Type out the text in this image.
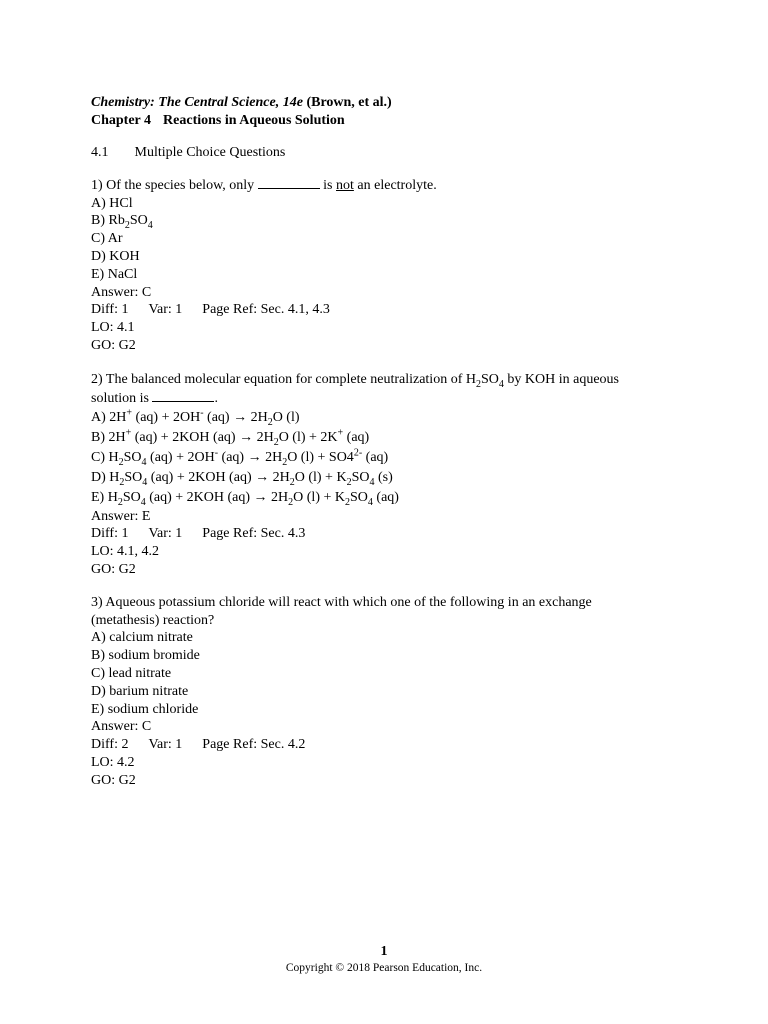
Chemistry: The Central Science, 14e (Brown, et al.)
Chapter 4 Reactions in Aqueous Solution
4.1 Multiple Choice Questions
1) Of the species below, only	is not an electrolyte.
A) HCl
B) $Rb_2SO_4$
C) Ar
D) KOH
E) NaCl
Answer: C
Diff: 1 Var: 1 Page Ref: Sec. 4.1, 4.3
LO: 4.1
GO: G2
2) The balanced molecular equation for complete neutralization of $H_2SO_4$ by KOH in aqueous
solution is	.
A) 2H+ (aq) + 2OH- $(aq) \to 2H_2O$ (l)
B) 2H+ (aq) + 2KOH $(aq) \to 2H_2O$ (l) + 2K+ (aq)
C) $H_2SO_4$ (aq) + 2OH- $(aq) \to 2H_2O$ $(l) + SO4^{2-}$ (aq)
D) $H_2SO_4$ (aq) + 2KOH $(aq) \to 2H_2O$ $(l) + K_2SO_4$ (s)
E) $H_2SO_4$ (aq) + 2KOH $(aq) \to 2H_2O$ $(l) + K_2SO_4$ (aq)
Answer: E
Diff: 1 Var: 1 Page Ref: Sec. 4.3
LO: 4.1, 4.2
GO: G2
3) Aqueous potassium chloride will react with which one of the following in an exchange
(metathesis) reaction?
A) calcium nitrate
B) sodium bromide
C) lead nitrate
D) barium nitrate
E) sodium chloride
Answer: C
Diff: 2 Var: 1 Page Ref: Sec. 4.2
LO: 4.2
GO: G2
1
Copyright © 2018 Pearson Education, Inc.
